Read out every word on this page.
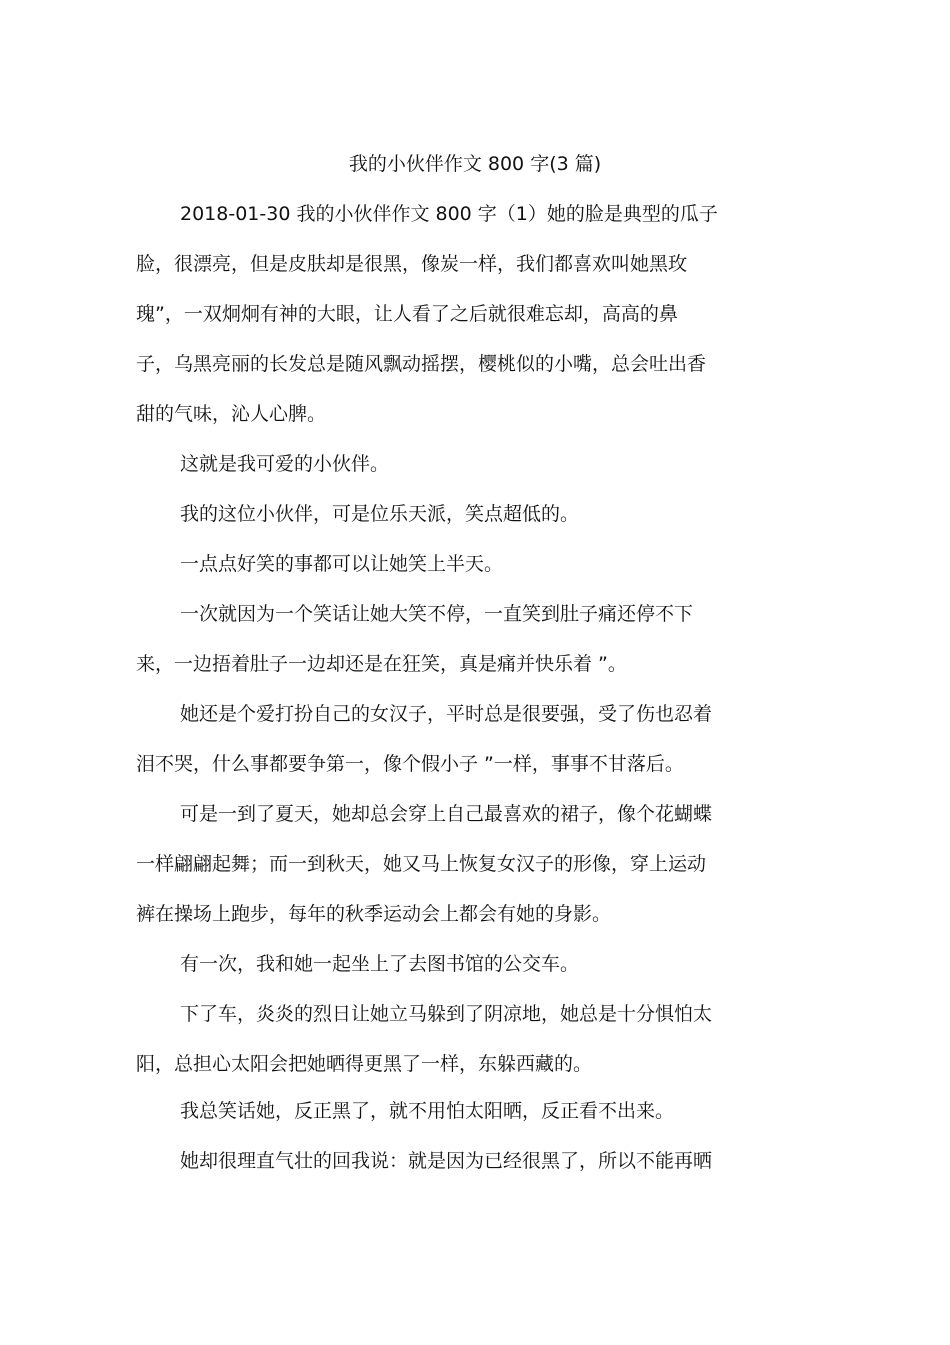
我的小伙伴作文 800 字(3 篇)
2018-01-30 我的小伙伴作文 800 字（1）她的脸是典型的瓜子
脸，很漂亮，但是皮肤却是很黑，像炭一样，我们都喜欢叫她黑玫
瑰”，一双炯炯有神的大眼，让人看了之后就很难忘却，高高的鼻
子，乌黑亮丽的长发总是随风飘动摇摆，樱桃似的小嘴，总会吐出香
甜的气味，沁人心脾。
这就是我可爱的小伙伴。
我的这位小伙伴，可是位乐天派，笑点超低的。
一点点好笑的事都可以让她笑上半天。
一次就因为一个笑话让她大笑不停，一直笑到肚子痛还停不下
来，一边捂着肚子一边却还是在狂笑，真是痛并快乐着 ”。
她还是个爱打扮自己的女汉子，平时总是很要强，受了伤也忍着
泪不哭，什么事都要争第一，像个假小子 ”一样，事事不甘落后。
可是一到了夏天，她却总会穿上自己最喜欢的裙子，像个花蝴蝶
一样翩翩起舞；而一到秋天，她又马上恢复女汉子的形像，穿上运动
裤在操场上跑步，每年的秋季运动会上都会有她的身影。
有一次，我和她一起坐上了去图书馆的公交车。
下了车，炎炎的烈日让她立马躲到了阴凉地，她总是十分惧怕太
阳，总担心太阳会把她晒得更黑了一样，东躲西藏的。
我总笑话她，反正黑了，就不用怕太阳晒，反正看不出来。
她却很理直气壮的回我说：就是因为已经很黑了，所以不能再晒
